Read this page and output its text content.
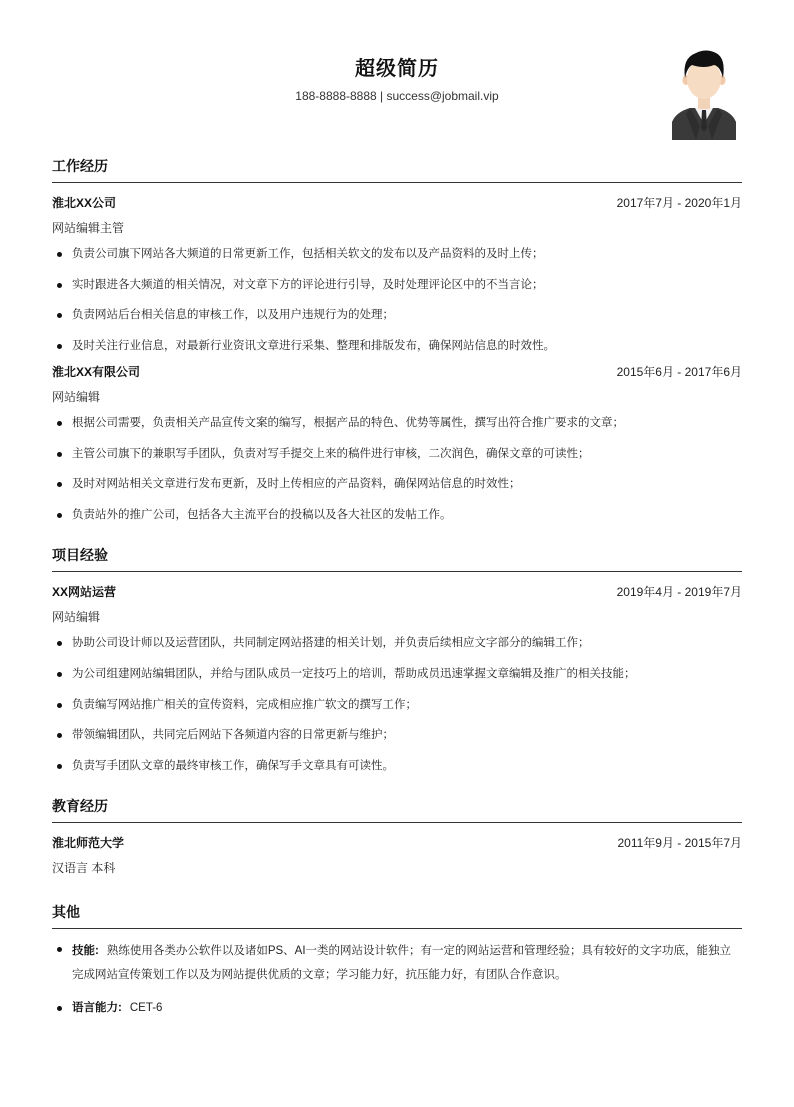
超级简历
188-8888-8888 | success@jobmail.vip
工作经历
淮北XX公司	2017年7月 - 2020年1月
网站编辑主管
负责公司旗下网站各大频道的日常更新工作，包括相关软文的发布以及产品资料的及时上传；
实时跟进各大频道的相关情况，对文章下方的评论进行引导，及时处理评论区中的不当言论；
负责网站后台相关信息的审核工作，以及用户违规行为的处理；
及时关注行业信息，对最新行业资讯文章进行采集、整理和排版发布，确保网站信息的时效性。
淮北XX有限公司	2015年6月 - 2017年6月
网站编辑
根据公司需要，负责相关产品宣传文案的编写，根据产品的特色、优势等属性，撰写出符合推广要求的文章；
主管公司旗下的兼职写手团队，负责对写手提交上来的稿件进行审核，二次润色，确保文章的可读性；
及时对网站相关文章进行发布更新，及时上传相应的产品资料，确保网站信息的时效性；
负责站外的推广公司，包括各大主流平台的投稿以及各大社区的发帖工作。
项目经验
XX网站运营	2019年4月 - 2019年7月
网站编辑
协助公司设计师以及运营团队，共同制定网站搭建的相关计划，并负责后续相应文字部分的编辑工作；
为公司组建网站编辑团队，并给与团队成员一定技巧上的培训，帮助成员迅速掌握文章编辑及推广的相关技能；
负责编写网站推广相关的宣传资料，完成相应推广软文的撰写工作；
带领编辑团队，共同完后网站下各频道内容的日常更新与维护；
负责写手团队文章的最终审核工作，确保写手文章具有可读性。
教育经历
淮北师范大学	2011年9月 - 2015年7月
汉语言 本科
其他
技能: 熟练使用各类办公软件以及诸如PS、AI一类的网站设计软件；有一定的网站运营和管理经验；具有较好的文字功底，能独立完成网站宣传策划工作以及为网站提供优质的文章；学习能力好，抗压能力好，有团队合作意识。
语言能力: CET-6
